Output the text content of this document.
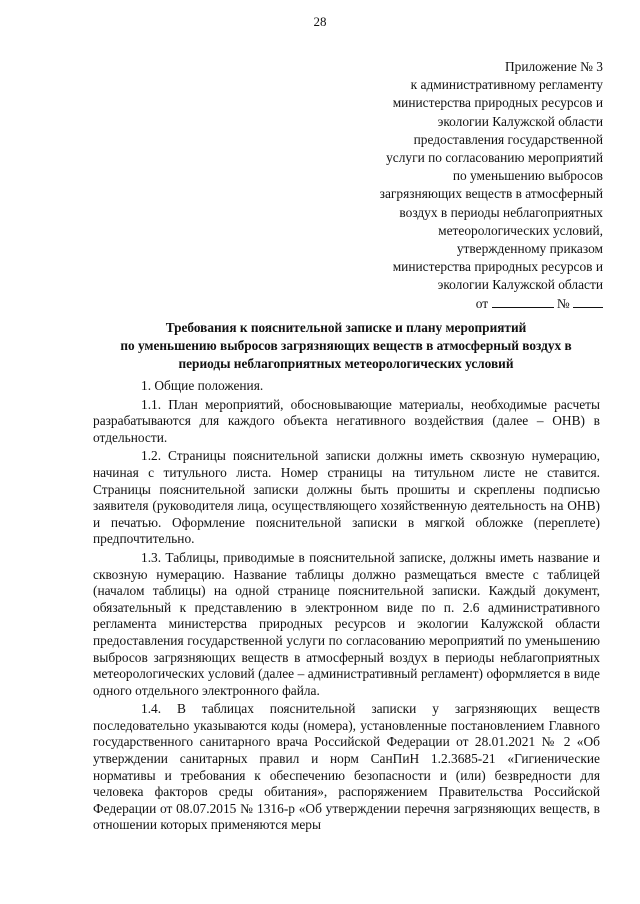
28
Приложение № 3
к административному регламенту
министерства природных ресурсов и
экологии Калужской области
предоставления государственной
услуги по согласованию мероприятий
по уменьшению выбросов
загрязняющих веществ в атмосферный
воздух в периоды неблагоприятных
метеорологических условий,
утвержденному приказом
министерства природных ресурсов и
экологии Калужской области
от	№
Требования к пояснительной записке и плану мероприятий
по уменьшению выбросов загрязняющих веществ в атмосферный воздух в
периоды неблагоприятных метеорологических условий

1. Общие положения.

1.1. План мероприятий, обосновывающие материалы, необходимые расчеты разрабатываются для каждого объекта негативного воздействия (далее – ОНВ) в отдельности.

1.2. Страницы пояснительной записки должны иметь сквозную нумерацию, начиная с титульного листа. Номер страницы на титульном листе не ставится. Страницы пояснительной записки должны быть прошиты и скреплены подписью заявителя (руководителя лица, осуществляющего хозяйственную деятельность на ОНВ) и печатью. Оформление пояснительной записки в мягкой обложке (переплете) предпочтительно.

1.3. Таблицы, приводимые в пояснительной записке, должны иметь название и сквозную нумерацию. Название таблицы должно размещаться вместе с таблицей (началом таблицы) на одной странице пояснительной записки. Каждый документ, обязательный к представлению в электронном виде по п. 2.6 административного регламента министерства природных ресурсов и экологии Калужской области предоставления государственной услуги по согласованию мероприятий по уменьшению выбросов загрязняющих веществ в атмосферный воздух в периоды неблагоприятных метеорологических условий (далее – административный регламент) оформляется в виде одного отдельного электронного файла.

1.4. В таблицах пояснительной записки у загрязняющих веществ последовательно указываются коды (номера), установленные постановлением Главного государственного санитарного врача Российской Федерации от 28.01.2021 № 2 «Об утверждении санитарных правил и норм СанПиН 1.2.3685-21 «Гигиенические нормативы и требования к обеспечению безопасности и (или) безвредности для человека факторов среды обитания», распоряжением Правительства Российской Федерации от 08.07.2015 № 1316-р «Об утверждении перечня загрязняющих веществ, в отношении которых применяются меры
